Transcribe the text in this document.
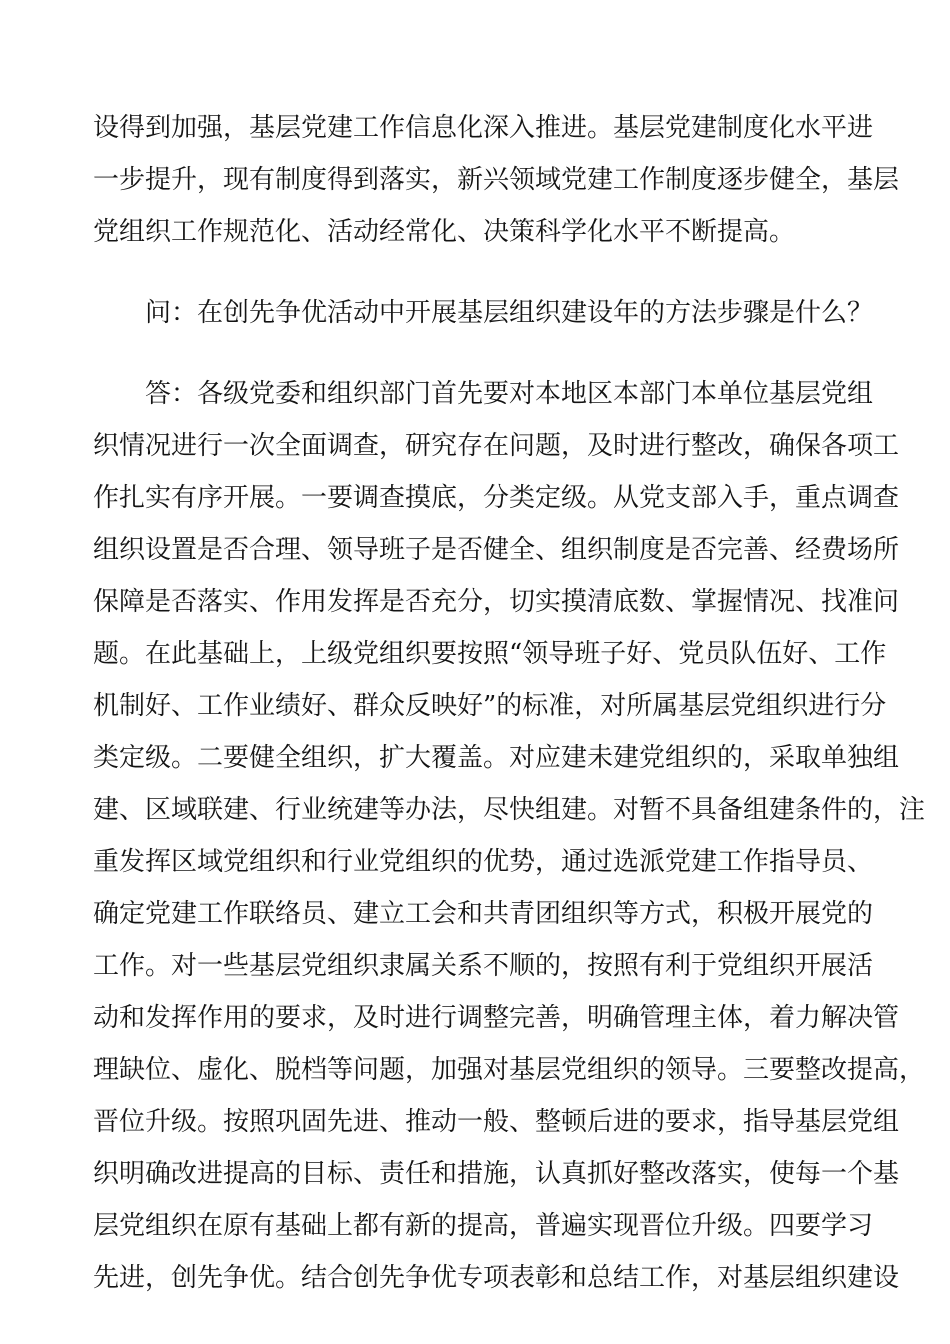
设得到加强，基层党建工作信息化深入推进。基层党建制度化水平进
一步提升，现有制度得到落实，新兴领域党建工作制度逐步健全，基层
党组织工作规范化、活动经常化、决策科学化水平不断提高。
问：在创先争优活动中开展基层组织建设年的方法步骤是什么？
答：各级党委和组织部门首先要对本地区本部门本单位基层党组
织情况进行一次全面调查，研究存在问题，及时进行整改，确保各项工
作扎实有序开展。一要调查摸底，分类定级。从党支部入手，重点调查
组织设置是否合理、领导班子是否健全、组织制度是否完善、经费场所
保障是否落实、作用发挥是否充分，切实摸清底数、掌握情况、找准问
题。在此基础上，上级党组织要按照“领导班子好、党员队伍好、工作
机制好、工作业绩好、群众反映好”的标准，对所属基层党组织进行分
类定级。二要健全组织，扩大覆盖。对应建未建党组织的，采取单独组
建、区域联建、行业统建等办法，尽快组建。对暂不具备组建条件的，注
重发挥区域党组织和行业党组织的优势，通过选派党建工作指导员、
确定党建工作联络员、建立工会和共青团组织等方式，积极开展党的
工作。对一些基层党组织隶属关系不顺的，按照有利于党组织开展活
动和发挥作用的要求，及时进行调整完善，明确管理主体，着力解决管
理缺位、虚化、脱档等问题，加强对基层党组织的领导。三要整改提高，
晋位升级。按照巩固先进、推动一般、整顿后进的要求，指导基层党组
织明确改进提高的目标、责任和措施，认真抓好整改落实，使每一个基
层党组织在原有基础上都有新的提高，普遍实现晋位升级。四要学习
先进，创先争优。结合创先争优专项表彰和总结工作，对基层组织建设
